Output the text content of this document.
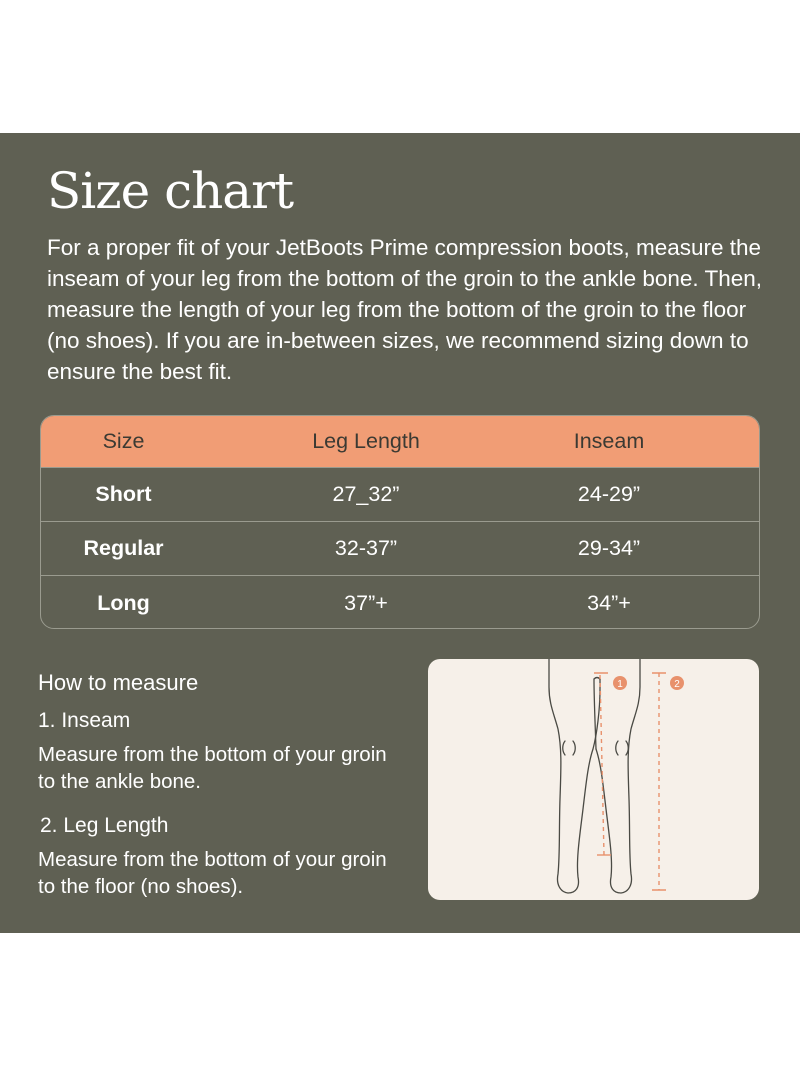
Size chart

For a proper fit of your JetBoots Prime compression boots, measure the inseam of your leg from the bottom of the groin to the ankle bone. Then, measure the length of your leg from the bottom of the groin to the floor (no shoes). If you are in-between sizes, we recommend sizing down to ensure the best fit.

Size	Leg Length	Inseam
Short	27_32”	24-29”
Regular	32-37”	29-34”
Long	37”+	34”+
How to measure
1. Inseam

Measure from the bottom of your groin to the ankle bone.

2. Leg Length

Measure from the bottom of your groin to the floor (no shoes).

1	2
